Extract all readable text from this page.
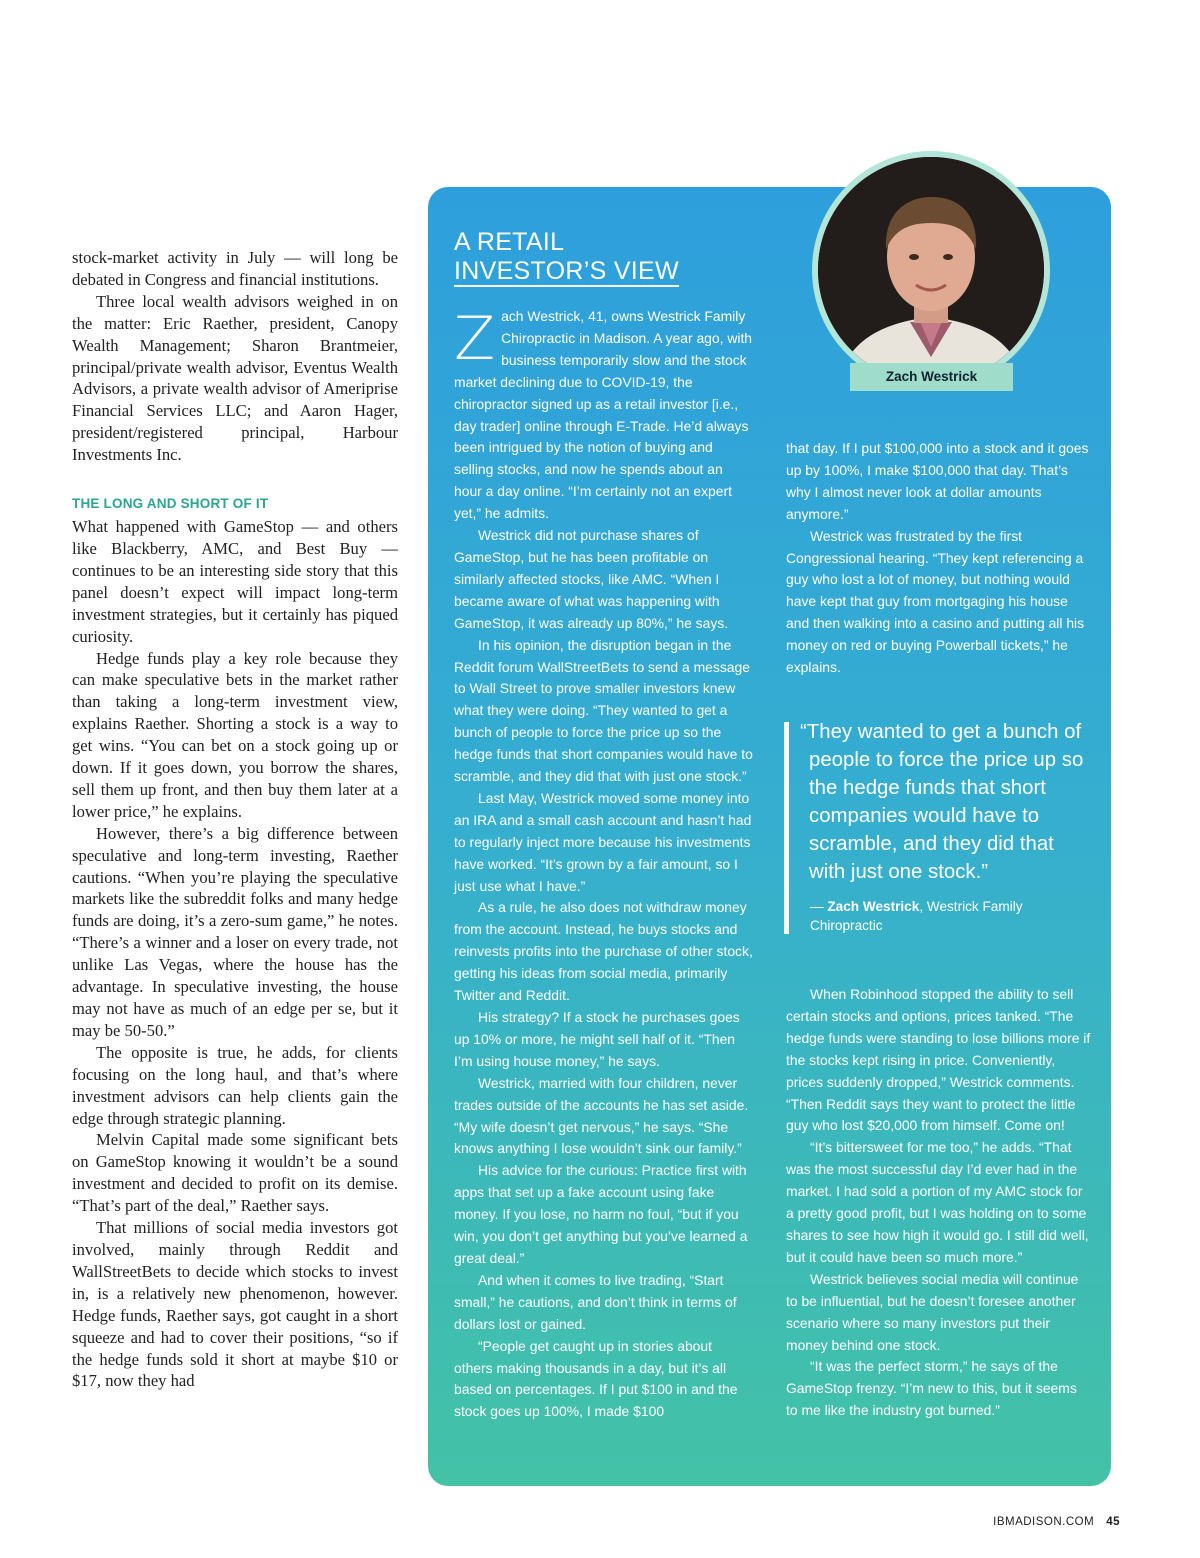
stock-market activity in July — will long be debated in Congress and financial institutions.

Three local wealth advisors weighed in on the matter: Eric Raether, president, Canopy Wealth Management; Sharon Brantmeier, principal/private wealth advisor, Eventus Wealth Advisors, a private wealth advisor of Ameriprise Financial Services LLC; and Aaron Hager, president/registered principal, Harbour Investments Inc.

THE LONG AND SHORT OF IT

What happened with GameStop — and others like Blackberry, AMC, and Best Buy — continues to be an interesting side story that this panel doesn’t expect will impact long-term investment strategies, but it certainly has piqued curiosity.

Hedge funds play a key role because they can make speculative bets in the market rather than taking a long-term investment view, explains Raether. Shorting a stock is a way to get wins. “You can bet on a stock going up or down. If it goes down, you borrow the shares, sell them up front, and then buy them later at a lower price,” he explains.

However, there’s a big difference between speculative and long-term investing, Raether cautions. “When you’re playing the speculative markets like the subreddit folks and many hedge funds are doing, it’s a zero-sum game,” he notes. “There’s a winner and a loser on every trade, not unlike Las Vegas, where the house has the advantage. In speculative investing, the house may not have as much of an edge per se, but it may be 50-50.”

The opposite is true, he adds, for clients focusing on the long haul, and that’s where investment advisors can help clients gain the edge through strategic planning.

Melvin Capital made some significant bets on GameStop knowing it wouldn’t be a sound investment and decided to profit on its demise. “That’s part of the deal,” Raether says.

That millions of social media investors got involved, mainly through Reddit and WallStreetBets to decide which stocks to invest in, is a relatively new phenomenon, however. Hedge funds, Raether says, got caught in a short squeeze and had to cover their positions, “so if the hedge funds sold it short at maybe $10 or $17, now they had

A RETAIL
INVESTOR’S VIEW
Zach Westrick

Zach Westrick, 41, owns Westrick Family Chiropractic in Madison. A year ago, with business temporarily slow and the stock market declining due to COVID-19, the chiropractor signed up as a retail investor [i.e., day trader] online through E-Trade. He’d always been intrigued by the notion of buying and selling stocks, and now he spends about an hour a day online. “I’m certainly not an expert yet,” he admits.

Westrick did not purchase shares of GameStop, but he has been profitable on similarly affected stocks, like AMC. “When I became aware of what was happening with GameStop, it was already up 80%,” he says.

In his opinion, the disruption began in the Reddit forum WallStreetBets to send a message to Wall Street to prove smaller investors knew what they were doing. “They wanted to get a bunch of people to force the price up so the hedge funds that short companies would have to scramble, and they did that with just one stock.”

Last May, Westrick moved some money into an IRA and a small cash account and hasn’t had to regularly inject more because his investments have worked. “It’s grown by a fair amount, so I just use what I have.”

As a rule, he also does not withdraw money from the account. Instead, he buys stocks and reinvests profits into the purchase of other stock, getting his ideas from social media, primarily Twitter and Reddit.

His strategy? If a stock he purchases goes up 10% or more, he might sell half of it. “Then I’m using house money,” he says.

Westrick, married with four children, never trades outside of the accounts he has set aside. “My wife doesn’t get nervous,” he says. “She knows anything I lose wouldn’t sink our family.”

His advice for the curious: Practice first with apps that set up a fake account using fake money. If you lose, no harm no foul, “but if you win, you don’t get anything but you’ve learned a great deal.”

And when it comes to live trading, “Start small,” he cautions, and don’t think in terms of dollars lost or gained.

“People get caught up in stories about others making thousands in a day, but it’s all based on percentages. If I put $100 in and the stock goes up 100%, I made $100

that day. If I put $100,000 into a stock and it goes up by 100%, I make $100,000 that day. That’s why I almost never look at dollar amounts anymore.”

Westrick was frustrated by the first Congressional hearing. “They kept referencing a guy who lost a lot of money, but nothing would have kept that guy from mortgaging his house and then walking into a casino and putting all his money on red or buying Powerball tickets,” he explains.

“They wanted to get a bunch of people to force the price up so the hedge funds that short companies would have to scramble, and they did that with just one stock.”

— Zach Westrick, Westrick Family Chiropractic

When Robinhood stopped the ability to sell certain stocks and options, prices tanked. “The hedge funds were standing to lose billions more if the stocks kept rising in price. Conveniently, prices suddenly dropped,” Westrick comments. “Then Reddit says they want to protect the little guy who lost $20,000 from himself. Come on!

“It’s bittersweet for me too,” he adds. “That was the most successful day I’d ever had in the market. I had sold a portion of my AMC stock for a pretty good profit, but I was holding on to some shares to see how high it would go. I still did well, but it could have been so much more.”

Westrick believes social media will continue to be influential, but he doesn’t foresee another scenario where so many investors put their money behind one stock.

“It was the perfect storm,” he says of the GameStop frenzy. “I’m new to this, but it seems to me like the industry got burned.”

IBMADISON.COM 45
